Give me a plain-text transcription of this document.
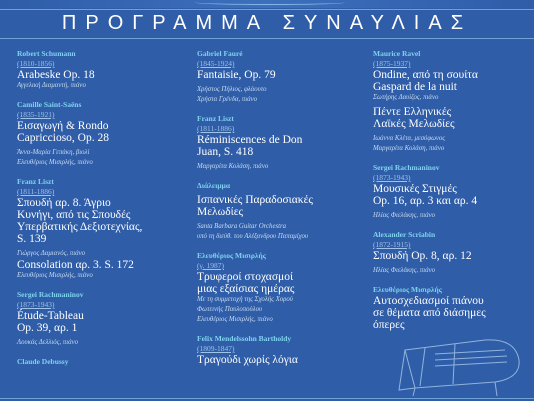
ΠΡΟΓΡΑΜΜΑ ΣΥΝΑΥΛΙΑΣ
Robert Schumann
(1810-1856)
Arabeske Op. 18
Αγγελική Διαμαντή, πιάνο
Camille Saint-Saëns
(1835-1921)
Εισαγωγή & Rondo
Capriccioso, Op. 28
Άννα-Μαρία Γεπάκη, βιολί
Ελευθέριος Μισιρλής, πιάνο
Franz Liszt
(1811-1886)
Σπουδή αρ. 8. Άγριο
Κυνήγι, από τις Σπουδές
Υπερβατικής Δεξιοτεχνίας,
S. 139
Γιώργος Δαμιανός, πιάνο
Consolation αρ. 3. S. 172
Ελευθέριος Μισιρλής, πιάνο
Sergei Rachmaninov
(1873-1943)
Étude-Tableau
Op. 39, αρ. 1
Λουκάς Δελλιός, πιάνο
Claude Debussy
Gabriel Fauré
(1845-1924)
Fantaisie, Op. 79
Χρήστος Πήλιος, φλάουτο
Χρήστα Γρένδα, πιάνο
Franz Liszt
(1811-1886)
Réminiscences de Don
Juan, S. 418
Μαργαρίτα Κολάση, πιάνο
Διάλειμμα
Ισπανικές Παραδοσιακές
Μελωδίες
Santa Barbara Guitar Orchestra
υπό τη διεύθ. του Αλέξανδρου Παπαμίχου
Ελευθέριος Μισιρλής
(γ. 1987)
Τρυφεροί στοχασμοί
μιας εξαίσιας ημέρας
Με τη συμμετοχή της Σχολής Χορού
Φωτεινής Παυλοπούλου
Ελευθέριος Μισιρλής, πιάνο
Felix Mendelssohn Bartholdy
(1809-1847)
Τραγούδι χωρίς λόγια
Maurice Ravel
(1875-1937)
Ondine, από τη σουίτα
Gaspard de la nuit
Σωτήρης Δαυίζος, πιάνο
Πέντε Ελληνικές
Λαϊκές Μελωδίες
Ιωάννα Κλέτα, μεσόφωνος
Μαργαρίτα Κολάση, πιάνο
Sergei Rachmaninov
(1873-1943)
Μουσικές Στιγμές
Op. 16, αρ. 3 και αρ. 4
Ηλίας Φιελάκης, πιάνο
Alexander Scriabin
(1872-1915)
Σπουδή Op. 8, αρ. 12
Ηλίας Φιελάκης, πιάνο
Ελευθέριος Μισιρλής
Αυτοσχεδιασμοί πιάνου
σε θέματα από διάσημες
όπερες
